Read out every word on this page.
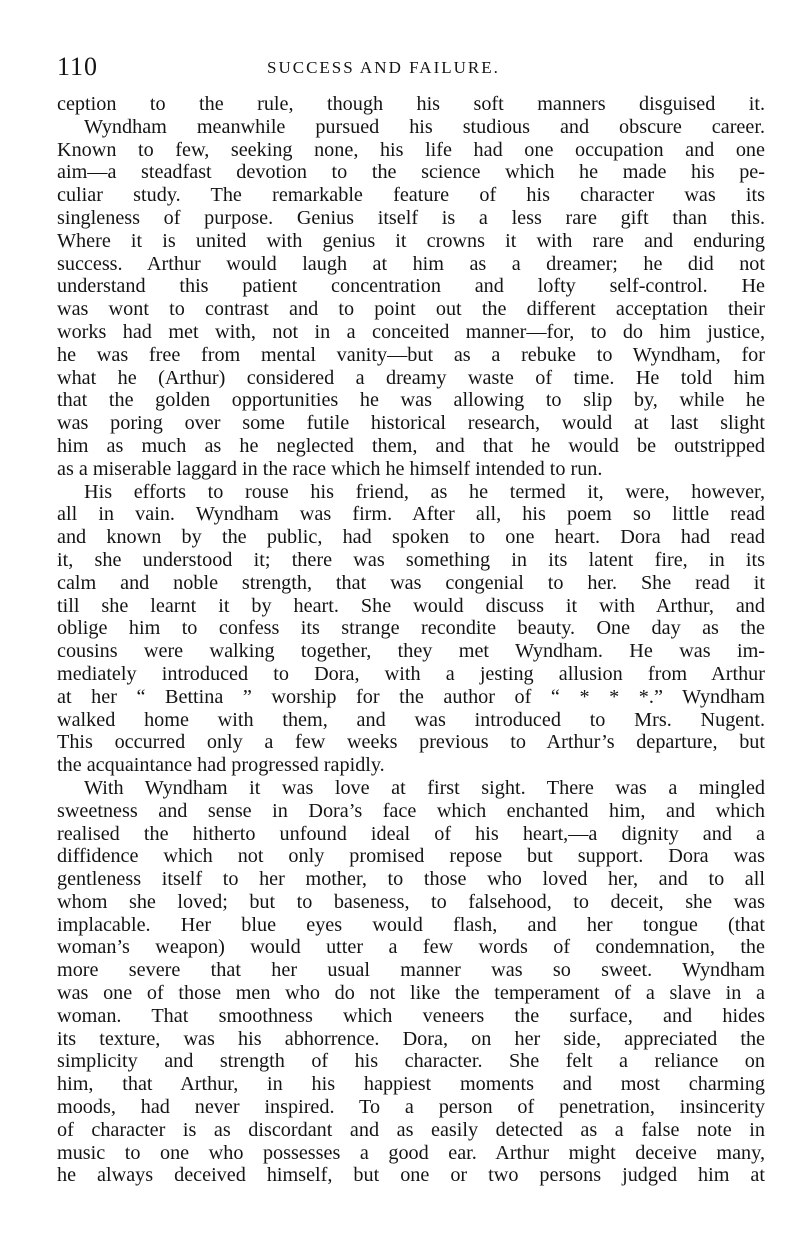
110	SUCCESS AND FAILURE.
ception to the rule, though his soft manners disguised it.
Wyndham meanwhile pursued his studious and obscure career.
Known to few, seeking none, his life had one occupation and one
aim—a steadfast devotion to the science which he made his pe-
culiar study. The remarkable feature of his character was its
singleness of purpose. Genius itself is a less rare gift than this.
Where it is united with genius it crowns it with rare and enduring
success. Arthur would laugh at him as a dreamer; he did not
understand this patient concentration and lofty self-control. He
was wont to contrast and to point out the different acceptation their
works had met with, not in a conceited manner—for, to do him justice,
he was free from mental vanity—but as a rebuke to Wyndham, for
what he (Arthur) considered a dreamy waste of time. He told him
that the golden opportunities he was allowing to slip by, while he
was poring over some futile historical research, would at last slight
him as much as he neglected them, and that he would be outstripped
as a miserable laggard in the race which he himself intended to run.
His efforts to rouse his friend, as he termed it, were, however,
all in vain. Wyndham was firm. After all, his poem so little read
and known by the public, had spoken to one heart. Dora had read
it, she understood it; there was something in its latent fire, in its
calm and noble strength, that was congenial to her. She read it
till she learnt it by heart. She would discuss it with Arthur, and
oblige him to confess its strange recondite beauty. One day as the
cousins were walking together, they met Wyndham. He was im-
mediately introduced to Dora, with a jesting allusion from Arthur
at her “ Bettina ” worship for the author of “ * * *.” Wyndham
walked home with them, and was introduced to Mrs. Nugent.
This occurred only a few weeks previous to Arthur’s departure, but
the acquaintance had progressed rapidly.
With Wyndham it was love at first sight. There was a mingled
sweetness and sense in Dora’s face which enchanted him, and which
realised the hitherto unfound ideal of his heart,—a dignity and a
diffidence which not only promised repose but support. Dora was
gentleness itself to her mother, to those who loved her, and to all
whom she loved; but to baseness, to falsehood, to deceit, she was
implacable. Her blue eyes would flash, and her tongue (that
woman’s weapon) would utter a few words of condemnation, the
more severe that her usual manner was so sweet. Wyndham
was one of those men who do not like the temperament of a slave in a
woman. That smoothness which veneers the surface, and hides
its texture, was his abhorrence. Dora, on her side, appreciated the
simplicity and strength of his character. She felt a reliance on
him, that Arthur, in his happiest moments and most charming
moods, had never inspired. To a person of penetration, insincerity
of character is as discordant and as easily detected as a false note in
music to one who possesses a good ear. Arthur might deceive many,
he always deceived himself, but one or two persons judged him at
